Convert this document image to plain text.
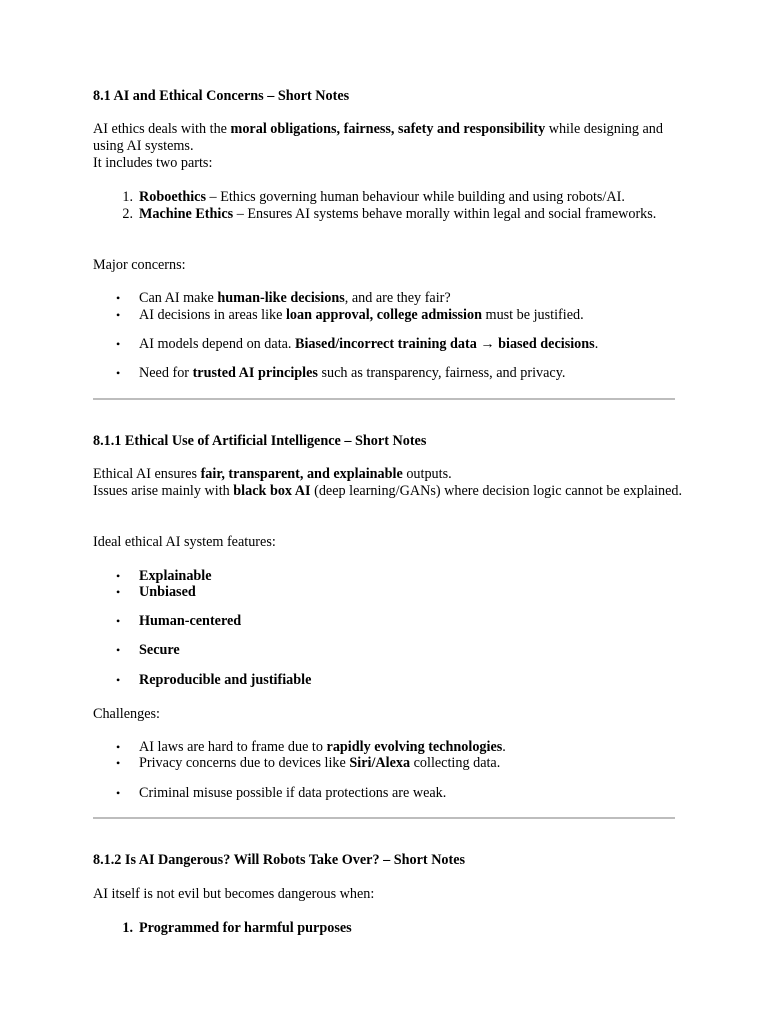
8.1 AI and Ethical Concerns – Short Notes

AI ethics deals with the moral obligations, fairness, safety and responsibility while designing and using AI systems.
It includes two parts:

1. Roboethics – Ethics governing human behaviour while building and using robots/AI.

2. Machine Ethics – Ensures AI systems behave morally within legal and social frameworks.

Major concerns:

• Can AI make human-like decisions, and are they fair?

• AI decisions in areas like loan approval, college admission must be justified.

• AI models depend on data. Biased/incorrect training data → biased decisions.

• Need for trusted AI principles such as transparency, fairness, and privacy.

8.1.1 Ethical Use of Artificial Intelligence – Short Notes

Ethical AI ensures fair, transparent, and explainable outputs.
Issues arise mainly with black box AI (deep learning/GANs) where decision logic cannot be explained.

Ideal ethical AI system features:

• Explainable

• Unbiased

• Human-centered

• Secure

• Reproducible and justifiable

Challenges:

• AI laws are hard to frame due to rapidly evolving technologies.

• Privacy concerns due to devices like Siri/Alexa collecting data.

• Criminal misuse possible if data protections are weak.

8.1.2 Is AI Dangerous? Will Robots Take Over? – Short Notes

AI itself is not evil but becomes dangerous when:

1. Programmed for harmful purposes
